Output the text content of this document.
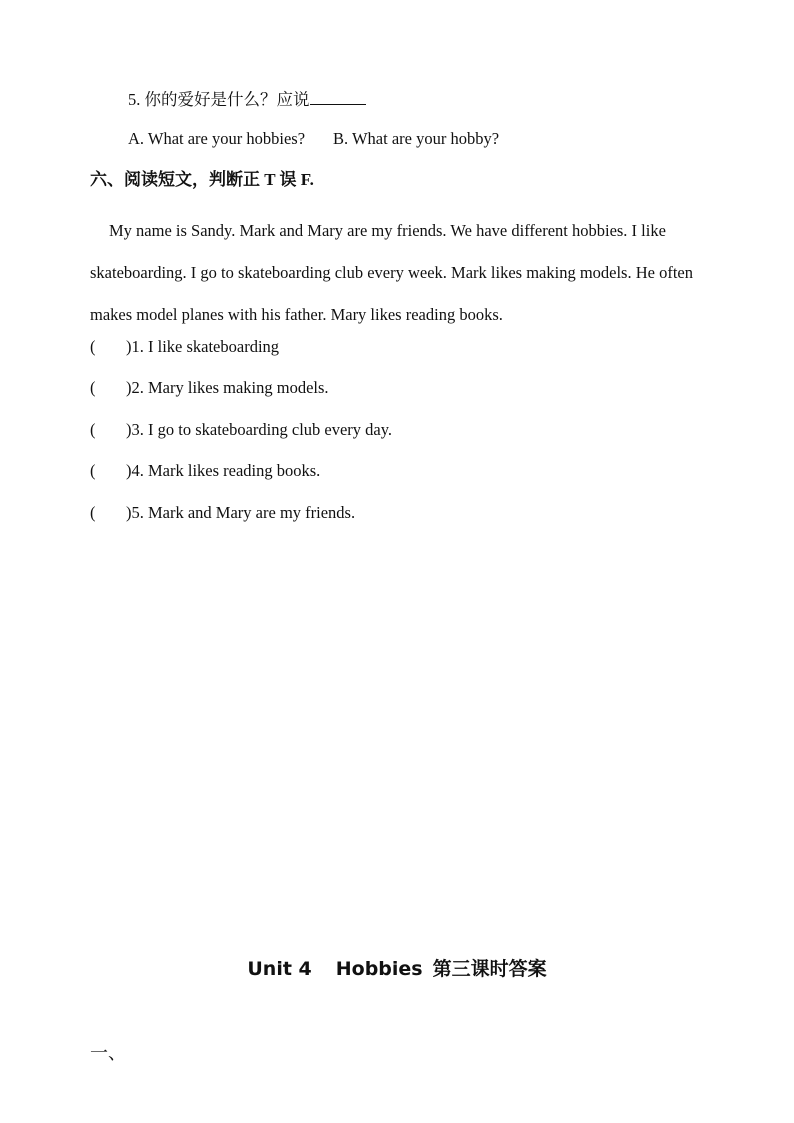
5. 你的爱好是什么？应说
A. What are your hobbies? B. What are your hobby?
六、阅读短文，判断正 T 误 F.
My name is Sandy. Mark and Mary are my friends. We have different hobbies. I like skateboarding. I go to skateboarding club every week. Mark likes making models. He often makes model planes with his father. Mary likes reading books.
( )1. I like skateboarding
( )2. Mary likes making models.
( )3. I go to skateboarding club every day.
( )4. Mark likes reading books.
( )5. Mark and Mary are my friends.
Unit 4 Hobbies 第三课时答案
一、
